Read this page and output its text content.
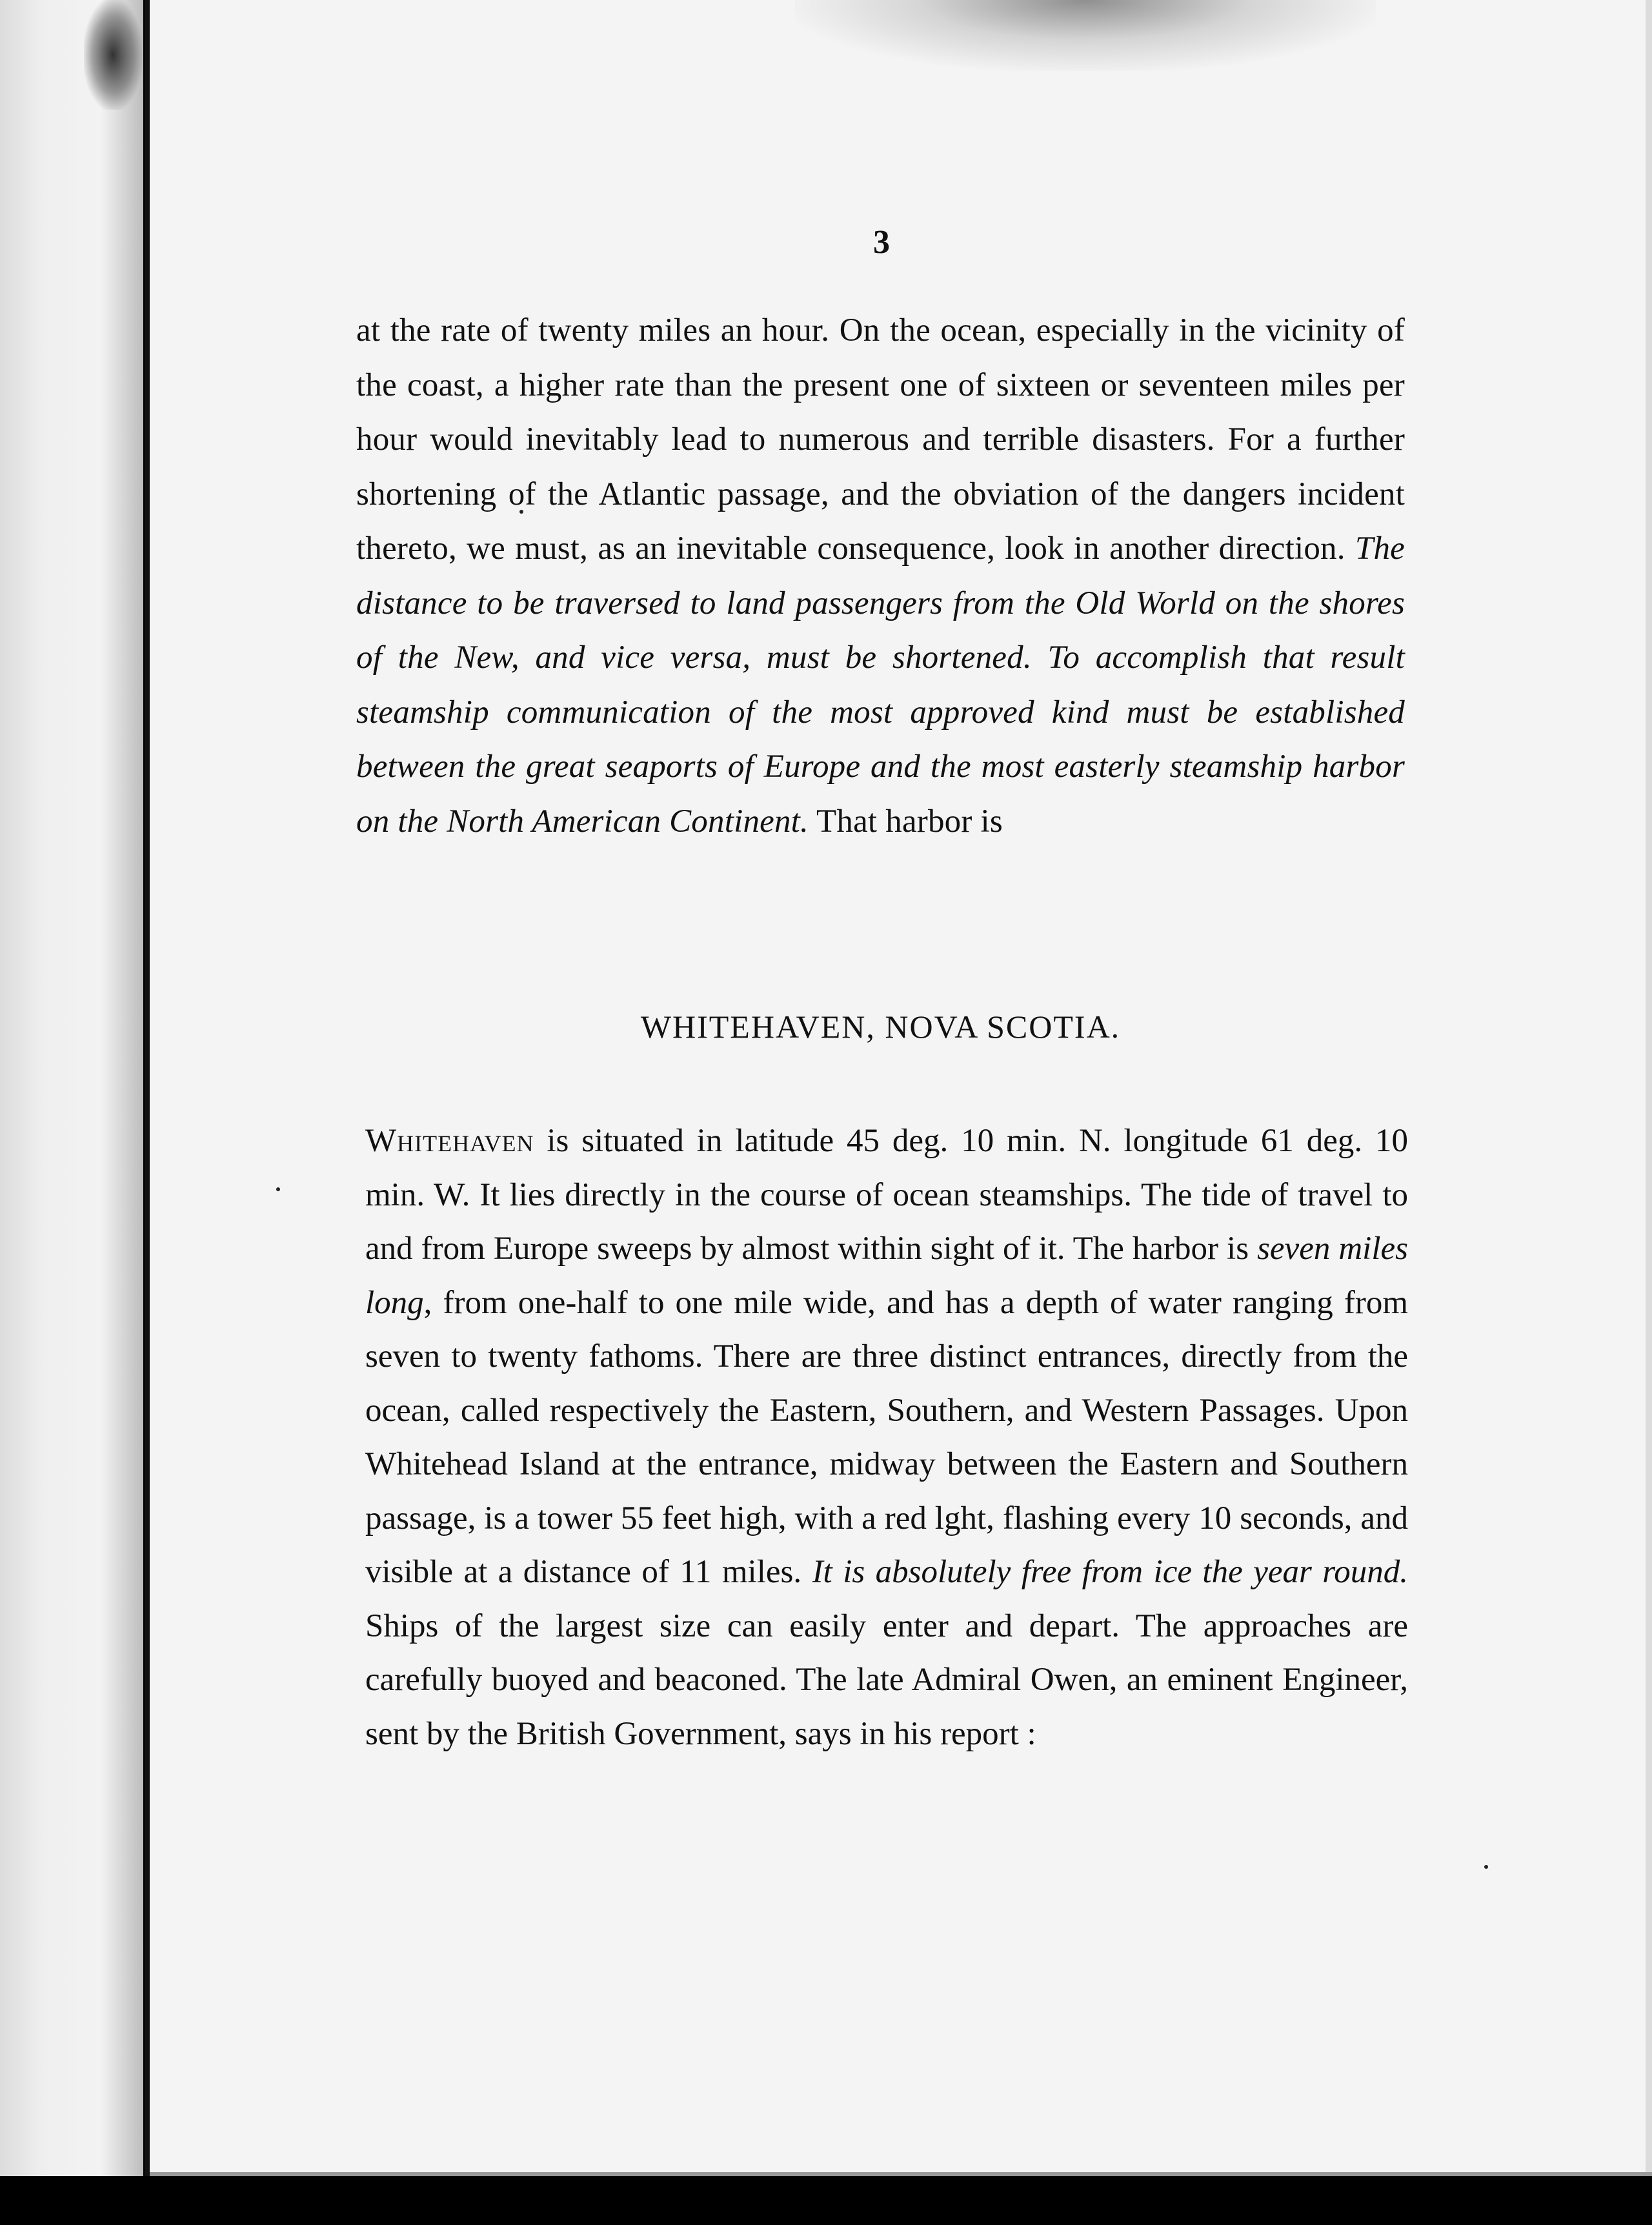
3

at the rate of twenty miles an hour. On the ocean, especially in the vicinity of the coast, a higher rate than the present one of sixteen or seventeen miles per hour would inevitably lead to numerous and terrible disasters. For a further shortening of the Atlantic passage, and the obviation of the dangers incident thereto, we must, as an inevitable consequence, look in another direction. The distance to be traversed to land passengers from the Old World on the shores of the New, and vice versa, must be shortened. To accomplish that result steamship communication of the most approved kind must be established between the great seaports of Europe and the most easterly steamship harbor on the North American Continent. That harbor is

WHITEHAVEN, NOVA SCOTIA.

Whitehaven is situated in latitude 45 deg. 10 min. N. longitude 61 deg. 10 min. W. It lies directly in the course of ocean steamships. The tide of travel to and from Europe sweeps by almost within sight of it. The harbor is seven miles long, from one-half to one mile wide, and has a depth of water ranging from seven to twenty fathoms. There are three distinct entrances, directly from the ocean, called respectively the Eastern, Southern, and Western Passages. Upon Whitehead Island at the entrance, midway between the Eastern and Southern passage, is a tower 55 feet high, with a red lght, flashing every 10 seconds, and visible at a distance of 11 miles. It is absolutely free from ice the year round. Ships of the largest size can easily enter and depart. The approaches are carefully buoyed and beaconed. The late Admiral Owen, an eminent Engineer, sent by the British Government, says in his report :
